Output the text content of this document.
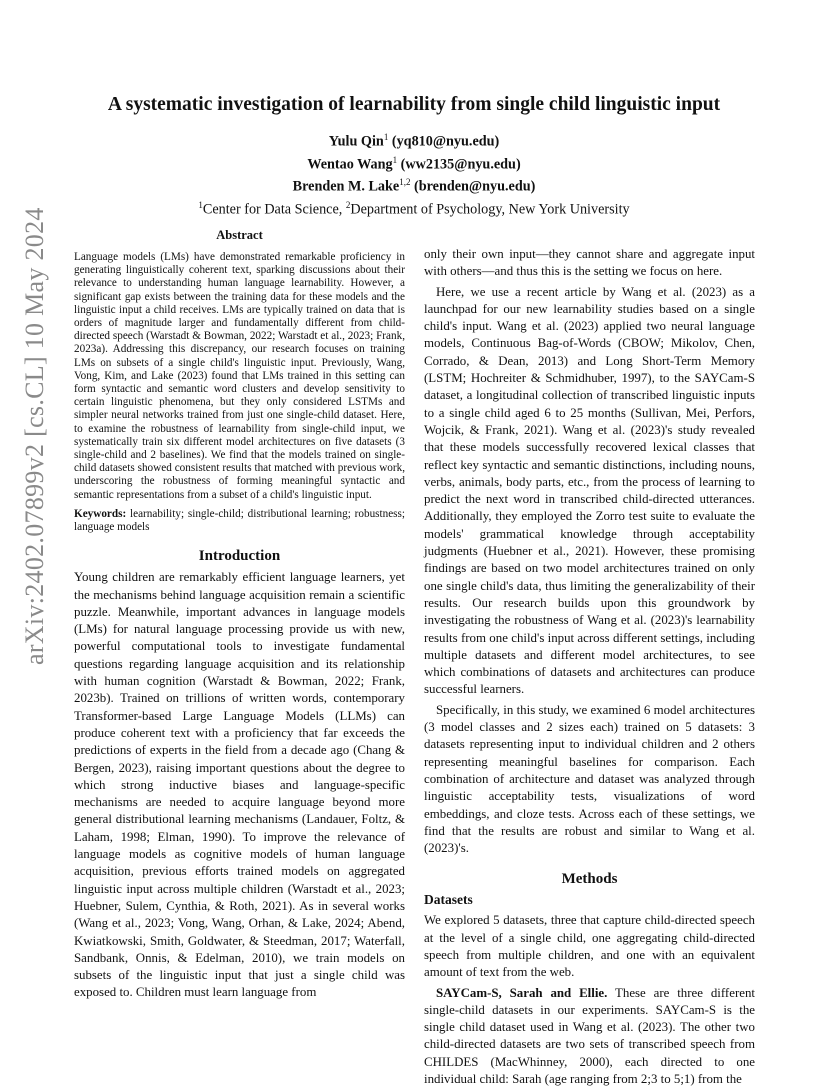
arXiv:2402.07899v2 [cs.CL] 10 May 2024
A systematic investigation of learnability from single child linguistic input
Yulu Qin$^1$ (yq810@nyu.edu)
Wentao Wang$^1$ (ww2135@nyu.edu)
Brenden M. Lake$^{1,2}$ (brenden@nyu.edu)
$^1$Center for Data Science, $^2$Department of Psychology, New York University
Abstract

Language models (LMs) have demonstrated remarkable proficiency in generating linguistically coherent text, sparking discussions about their relevance to understanding human language learnability. However, a significant gap exists between the training data for these models and the linguistic input a child receives. LMs are typically trained on data that is orders of magnitude larger and fundamentally different from child-directed speech (Warstadt & Bowman, 2022; Warstadt et al., 2023; Frank, 2023a). Addressing this discrepancy, our research focuses on training LMs on subsets of a single child's linguistic input. Previously, Wang, Vong, Kim, and Lake (2023) found that LMs trained in this setting can form syntactic and semantic word clusters and develop sensitivity to certain linguistic phenomena, but they only considered LSTMs and simpler neural networks trained from just one single-child dataset. Here, to examine the robustness of learnability from single-child input, we systematically train six different model architectures on five datasets (3 single-child and 2 baselines). We find that the models trained on single-child datasets showed consistent results that matched with previous work, underscoring the robustness of forming meaningful syntactic and semantic representations from a subset of a child's linguistic input.

Keywords: learnability; single-child; distributional learning; robustness; language models

Introduction

Young children are remarkably efficient language learners, yet the mechanisms behind language acquisition remain a scientific puzzle. Meanwhile, important advances in language models (LMs) for natural language processing provide us with new, powerful computational tools to investigate fundamental questions regarding language acquisition and its relationship with human cognition (Warstadt & Bowman, 2022; Frank, 2023b). Trained on trillions of written words, contemporary Transformer-based Large Language Models (LLMs) can produce coherent text with a proficiency that far exceeds the predictions of experts in the field from a decade ago (Chang & Bergen, 2023), raising important questions about the degree to which strong inductive biases and language-specific mechanisms are needed to acquire language beyond more general distributional learning mechanisms (Landauer, Foltz, & Laham, 1998; Elman, 1990). To improve the relevance of language models as cognitive models of human language acquisition, previous efforts trained models on aggregated linguistic input across multiple children (Warstadt et al., 2023; Huebner, Sulem, Cynthia, & Roth, 2021). As in several works (Wang et al., 2023; Vong, Wang, Orhan, & Lake, 2024; Abend, Kwiatkowski, Smith, Goldwater, & Steedman, 2017; Waterfall, Sandbank, Onnis, & Edelman, 2010), we train models on subsets of the linguistic input that just a single child was exposed to. Children must learn language from

only their own input—they cannot share and aggregate input with others—and thus this is the setting we focus on here.

Here, we use a recent article by Wang et al. (2023) as a launchpad for our new learnability studies based on a single child's input. Wang et al. (2023) applied two neural language models, Continuous Bag-of-Words (CBOW; Mikolov, Chen, Corrado, & Dean, 2013) and Long Short-Term Memory (LSTM; Hochreiter & Schmidhuber, 1997), to the SAYCam-S dataset, a longitudinal collection of transcribed linguistic inputs to a single child aged 6 to 25 months (Sullivan, Mei, Perfors, Wojcik, & Frank, 2021). Wang et al. (2023)'s study revealed that these models successfully recovered lexical classes that reflect key syntactic and semantic distinctions, including nouns, verbs, animals, body parts, etc., from the process of learning to predict the next word in transcribed child-directed utterances. Additionally, they employed the Zorro test suite to evaluate the models' grammatical knowledge through acceptability judgments (Huebner et al., 2021). However, these promising findings are based on two model architectures trained on only one single child's data, thus limiting the generalizability of their results. Our research builds upon this groundwork by investigating the robustness of Wang et al. (2023)'s learnability results from one child's input across different settings, including multiple datasets and different model architectures, to see which combinations of datasets and architectures can produce successful learners.

Specifically, in this study, we examined 6 model architectures (3 model classes and 2 sizes each) trained on 5 datasets: 3 datasets representing input to individual children and 2 others representing meaningful baselines for comparison. Each combination of architecture and dataset was analyzed through linguistic acceptability tests, visualizations of word embeddings, and cloze tests. Across each of these settings, we find that the results are robust and similar to Wang et al. (2023)'s.

Methods
Datasets

We explored 5 datasets, three that capture child-directed speech at the level of a single child, one aggregating child-directed speech from multiple children, and one with an equivalent amount of text from the web.

SAYCam-S, Sarah and Ellie. These are three different single-child datasets in our experiments. SAYCam-S is the single child dataset used in Wang et al. (2023). The other two child-directed datasets are two sets of transcribed speech from CHILDES (MacWhinney, 2000), each directed to one individual child: Sarah (age ranging from 2;3 to 5;1) from the
